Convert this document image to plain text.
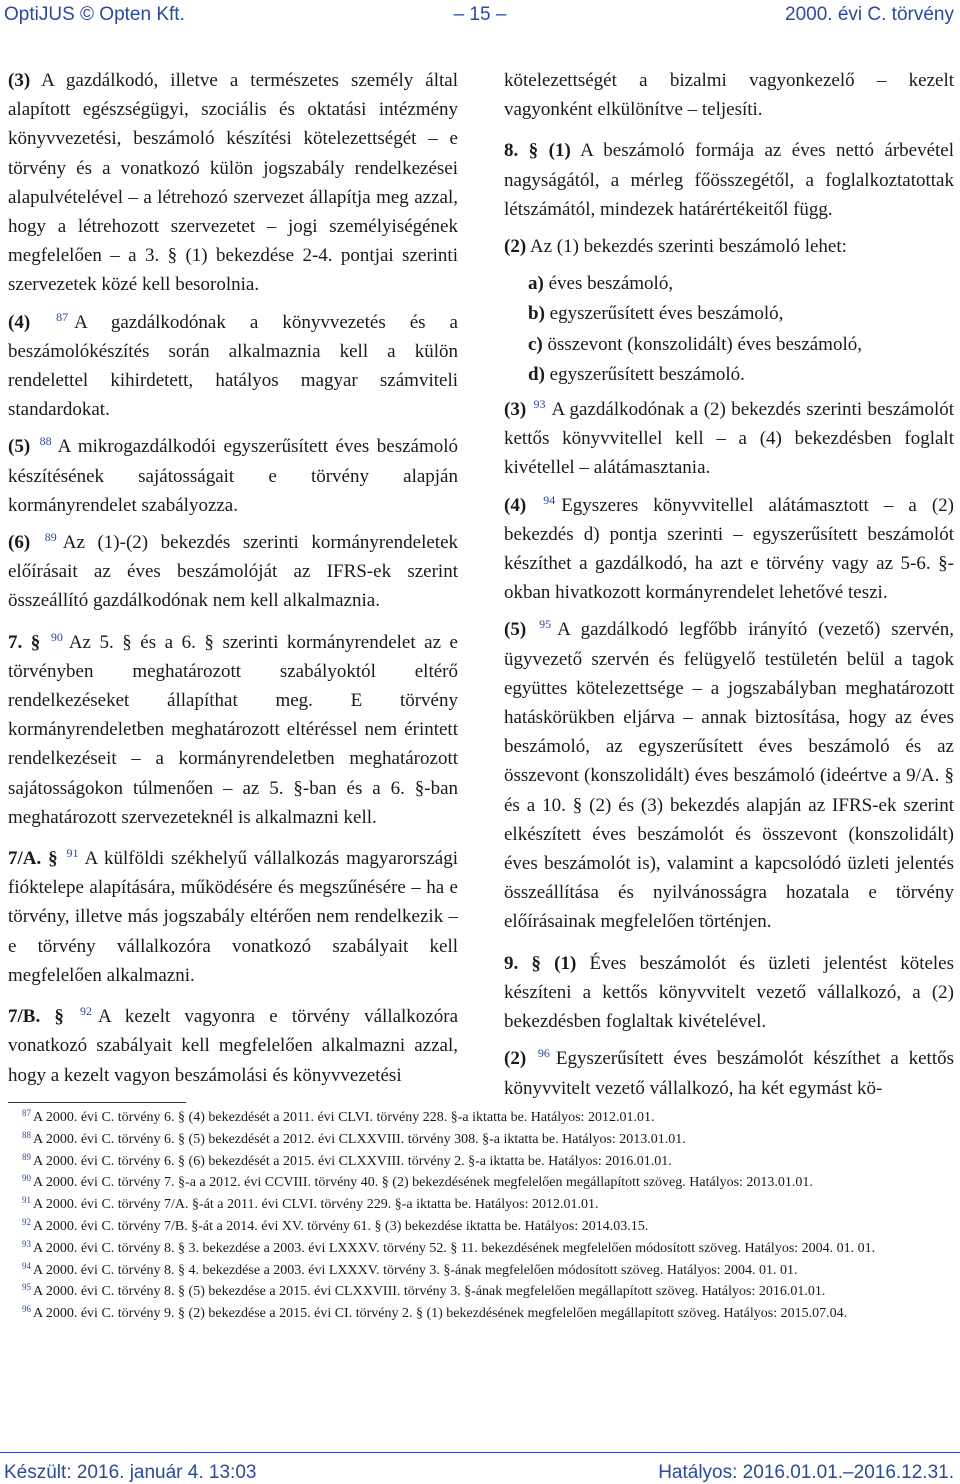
OptiJUS © Opten Kft.	– 15 –	2000. évi C. törvény

(3) A gazdálkodó, illetve a természetes személy által alapított egészségügyi, szociális és oktatási intézmény könyvvezetési, beszámoló készítési kötelezettségét – e törvény és a vonatkozó külön jogszabály rendelkezései alapulvételével – a létrehozó szervezet állapítja meg azzal, hogy a létrehozott szervezetet – jogi személyiségének megfelelően – a 3. § (1) bekezdése 2-4. pontjai szerinti szervezetek közé kell besorolnia.

(4) $^{87}$ A gazdálkodónak a könyvvezetés és a beszámolókészítés során alkalmaznia kell a külön rendelettel kihirdetett, hatályos magyar számviteli standardokat.

(5) $^{88}$ A mikrogazdálkodói egyszerűsített éves beszámoló készítésének sajátosságait e törvény alapján kormányrendelet szabályozza.

(6) $^{89}$ Az (1)-(2) bekezdés szerinti kormányrendeletek előírásait az éves beszámolóját az IFRS-ek szerint összeállító gazdálkodónak nem kell alkalmaznia.

7. § $^{90}$ Az 5. § és a 6. § szerinti kormányrendelet az e törvényben meghatározott szabályoktól eltérő rendelkezéseket állapíthat meg. E törvény kormányrendeletben meghatározott eltéréssel nem érintett rendelkezéseit – a kormányrendeletben meghatározott sajátosságokon túlmenően – az 5. §-ban és a 6. §-ban meghatározott szervezeteknél is alkalmazni kell.

7/A. § $^{91}$ A külföldi székhelyű vállalkozás magyarországi fióktelepe alapítására, működésére és megszűnésére – ha e törvény, illetve más jogszabály eltérően nem rendelkezik – e törvény vállalkozóra vonatkozó szabályait kell megfelelően alkalmazni.

7/B. § $^{92}$ A kezelt vagyonra e törvény vállalkozóra vonatkozó szabályait kell megfelelően alkalmazni azzal, hogy a kezelt vagyon beszámolási és könyvvezetési

kötelezettségét a bizalmi vagyonkezelő – kezelt vagyonként elkülönítve – teljesíti.

8. § (1) A beszámoló formája az éves nettó árbevétel nagyságától, a mérleg főösszegétől, a foglalkoztatottak létszámától, mindezek határértékeitől függ.

(2) Az (1) bekezdés szerinti beszámoló lehet:

a) éves beszámoló,
b) egyszerűsített éves beszámoló,
c) összevont (konszolidált) éves beszámoló,
d) egyszerűsített beszámoló.

(3) $^{93}$ A gazdálkodónak a (2) bekezdés szerinti beszámolót kettős könyvvitellel kell – a (4) bekezdésben foglalt kivétellel – alátámasztania.

(4) $^{94}$ Egyszeres könyvvitellel alátámasztott – a (2) bekezdés d) pontja szerinti – egyszerűsített beszámolót készíthet a gazdálkodó, ha azt e törvény vagy az 5-6. §-okban hivatkozott kormányrendelet lehetővé teszi.

(5) $^{95}$ A gazdálkodó legfőbb irányító (vezető) szervén, ügyvezető szervén és felügyelő testületén belül a tagok együttes kötelezettsége – a jogszabályban meghatározott hatáskörükben eljárva – annak biztosítása, hogy az éves beszámoló, az egyszerűsített éves beszámoló és az összevont (konszolidált) éves beszámoló (ideértve a 9/A. § és a 10. § (2) és (3) bekezdés alapján az IFRS-ek szerint elkészített éves beszámolót és összevont (konszolidált) éves beszámolót is), valamint a kapcsolódó üzleti jelentés összeállítása és nyilvánosságra hozatala e törvény előírásainak megfelelően történjen.

9. § (1) Éves beszámolót és üzleti jelentést köteles készíteni a kettős könyvvitelt vezető vállalkozó, a (2) bekezdésben foglaltak kivételével.

(2) $^{96}$ Egyszerűsített éves beszámolót készíthet a kettős könyvvitelt vezető vállalkozó, ha két egymást kö-

$^{87}$ A 2000. évi C. törvény 6. § (4) bekezdését a 2011. évi CLVI. törvény 228. §-a iktatta be. Hatályos: 2012.01.01.

$^{88}$ A 2000. évi C. törvény 6. § (5) bekezdését a 2012. évi CLXXVIII. törvény 308. §-a iktatta be. Hatályos: 2013.01.01.

$^{89}$ A 2000. évi C. törvény 6. § (6) bekezdését a 2015. évi CLXXVIII. törvény 2. §-a iktatta be. Hatályos: 2016.01.01.

$^{90}$ A 2000. évi C. törvény 7. §-a a 2012. évi CCVIII. törvény 40. § (2) bekezdésének megfelelően megállapított szöveg. Hatályos: 2013.01.01.

$^{91}$ A 2000. évi C. törvény 7/A. §-át a 2011. évi CLVI. törvény 229. §-a iktatta be. Hatályos: 2012.01.01.

$^{92}$ A 2000. évi C. törvény 7/B. §-át a 2014. évi XV. törvény 61. § (3) bekezdése iktatta be. Hatályos: 2014.03.15.

$^{93}$ A 2000. évi C. törvény 8. § 3. bekezdése a 2003. évi LXXXV. törvény 52. § 11. bekezdésének megfelelően módosított szöveg. Hatályos: 2004. 01. 01.

$^{94}$ A 2000. évi C. törvény 8. § 4. bekezdése a 2003. évi LXXXV. törvény 3. §-ának megfelelően módosított szöveg. Hatályos: 2004. 01. 01.

$^{95}$ A 2000. évi C. törvény 8. § (5) bekezdése a 2015. évi CLXXVIII. törvény 3. §-ának megfelelően megállapított szöveg. Hatályos: 2016.01.01.

$^{96}$ A 2000. évi C. törvény 9. § (2) bekezdése a 2015. évi CI. törvény 2. § (1) bekezdésének megfelelően megállapított szöveg. Hatályos: 2015.07.04.

Készült: 2016. január 4. 13:03	Hatályos: 2016.01.01.–2016.12.31.
